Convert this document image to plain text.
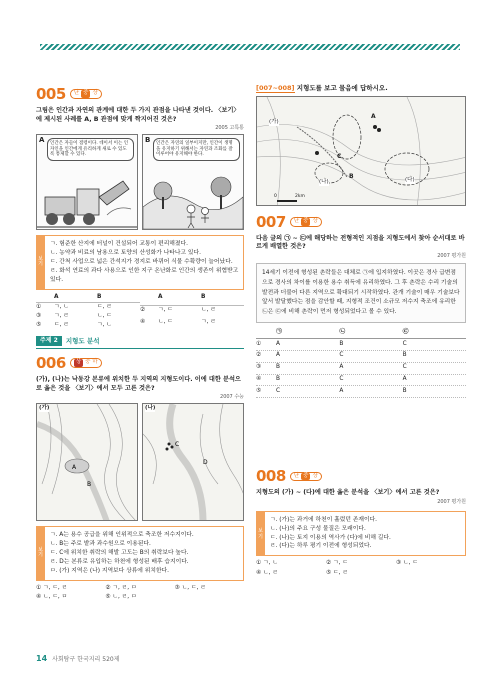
005	난 중 상
그림은 인간과 자연의 관계에 대한 두 가지 관점을 나타낸 것이다. 〈보기〉에 제시된 사례를 A, B 관점에 맞게 짝지어진 것은?
2005 고특통
인간은 자들이 점령이다. 데이서 이는 인 자인을 인간에게 유리하게 새로 수 있도록 통제할 수 있다.
A	인간은 자연의 일부이지만, 인간이 생명을 유지하기 위해서는 자연과 조화를 잘 이루어야 유지해야 한다.
B
보기
ㄱ. 험준한 산지에 터널이 건설되어 교통이 편리해졌다.
ㄴ. 농약과 비료의 남용으로 토양의 산성화가 나타나고 있다.
ㄷ. 간척 사업으로 넓은 간석지가 경지로 바뀌어 식물 수확량이 늘어났다.
ㄹ. 화석 연료의 과다 사용으로 인한 지구 온난화로 인간의 생존이 위협받고 있다.
A	B
①	ㄱ, ㄴ	ㄷ, ㄹ
③	ㄱ, ㄹ	ㄴ, ㄷ
⑤	ㄷ, ㄹ	ㄱ, ㄴ
A	B
②	ㄱ, ㄷ	ㄴ, ㄹ
④	ㄴ, ㄷ	ㄱ, ㄹ
주제 2	지형도 분석
006	상 중 하
(가), (나)는 낙동강 본류에 위치한 두 지역의 지형도이다. 이에 대한 분석으로 옳은 것을 〈보기〉에서 모두 고른 것은?
2007 수능
(가)
A
B
(나)
C
D
보기
ㄱ. A는 용수 공급을 위해 인위적으로 축조한 저수지이다.
ㄴ. B는 주로 밭과 과수원으로 이용된다.
ㄷ. C에 위치한 취락의 해발 고도는 B의 취락보다 높다.
ㄹ. D는 본류로 유입하는 하천에 형성된 배후 습지이다.
ㅁ. (가) 지역은 (나) 지역보다 상류에 위치한다.
① ㄱ, ㄷ, ㄹ	② ㄱ, ㄹ, ㅁ	③ ㄴ, ㄷ, ㄹ
④ ㄴ, ㄷ, ㅁ	⑤ ㄴ, ㄹ, ㅁ
[007~008] 지형도를 보고 물음에 답하시오.
(가)
(나)	(다)
A
B
C
0	2km
007	난 중 상
다음 글의 ㉠ ~ ㉢에 해당하는 전형적인 지점을 지형도에서 찾아 순서대로 바르게 배열한 것은?
2007 평가원
14세기 이전에 형성된 촌락들은 대체로 ㉠에 입지하였다. 이곳은 경사 급변점으로 경사의 차이를 이용한 용수 취득에 유리하였다. 그 후 촌락은 수리 기술의 발전과 더불어 다른 지역으로 확대되기 시작하였다. 관개 기술이 매우 기술보다 앞서 발달했다는 점을 감안할 때, 지형적 조건이 소규모 저수지 축조에 유리한 ㉡은 ㉢에 비해 촌락이 먼저 형성되었다고 볼 수 있다.
㉠	㉡	㉢
①	A	B	C
②	A	C	B
③	B	A	C
④	B	C	A
⑤	C	A	B
008	난 중 상
지형도의 (가) ~ (다)에 대한 옳은 분석을 〈보기〉에서 고른 것은?
2007 평가원
보기
ㄱ. (가)는 과거에 하천이 흘렀던 존재이다.
ㄴ. (나)의 주요 구성 물질은 모래이다.
ㄷ. (나)는 토지 이용의 역사가 (다)에 비해 길다.
ㄹ. (다)는 하루 평기 이전에 형성되었다.
① ㄱ, ㄴ	② ㄱ, ㄷ	③ ㄴ, ㄷ
④ ㄴ, ㄹ	⑤ ㄷ, ㄹ
14 사회탐구 한국지리 520제
